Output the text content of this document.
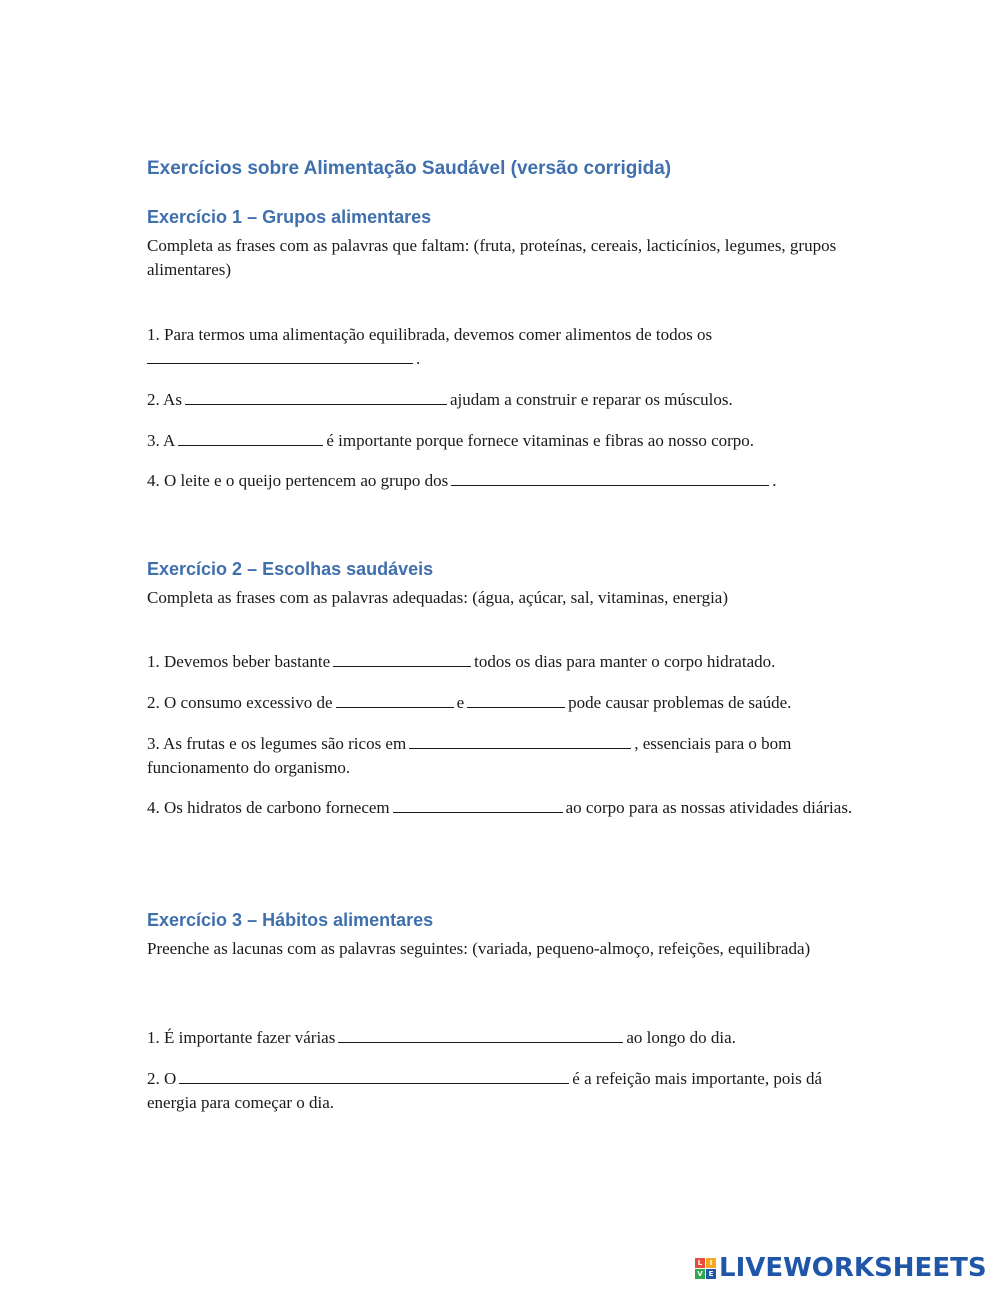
Exercícios sobre Alimentação Saudável (versão corrigida)
Exercício 1 – Grupos alimentares

Completa as frases com as palavras que faltam: (fruta, proteínas, cereais, lacticínios, legumes, grupos alimentares)

1. Para termos uma alimentação equilibrada, devemos comer alimentos de todos os
.

2. As	ajudam a construir e reparar os músculos.

3. A	é importante porque fornece vitaminas e fibras ao nosso corpo.

4. O leite e o queijo pertencem ao grupo dos	.

Exercício 2 – Escolhas saudáveis

Completa as frases com as palavras adequadas: (água, açúcar, sal, vitaminas, energia)

1. Devemos beber bastante	todos os dias para manter o corpo hidratado.

2. O consumo excessivo de	e	pode causar problemas de saúde.

3. As frutas e os legumes são ricos em	, essenciais para o bom funcionamento do organismo.

4. Os hidratos de carbono fornecem	ao corpo para as nossas atividades diárias.

Exercício 3 – Hábitos alimentares

Preenche as lacunas com as palavras seguintes: (variada, pequeno-almoço, refeições, equilibrada)

1. É importante fazer várias	ao longo do dia.

2. O	é a refeição mais importante, pois dá energia para começar o dia.

L	I
V E LIVEWORKSHEETS
